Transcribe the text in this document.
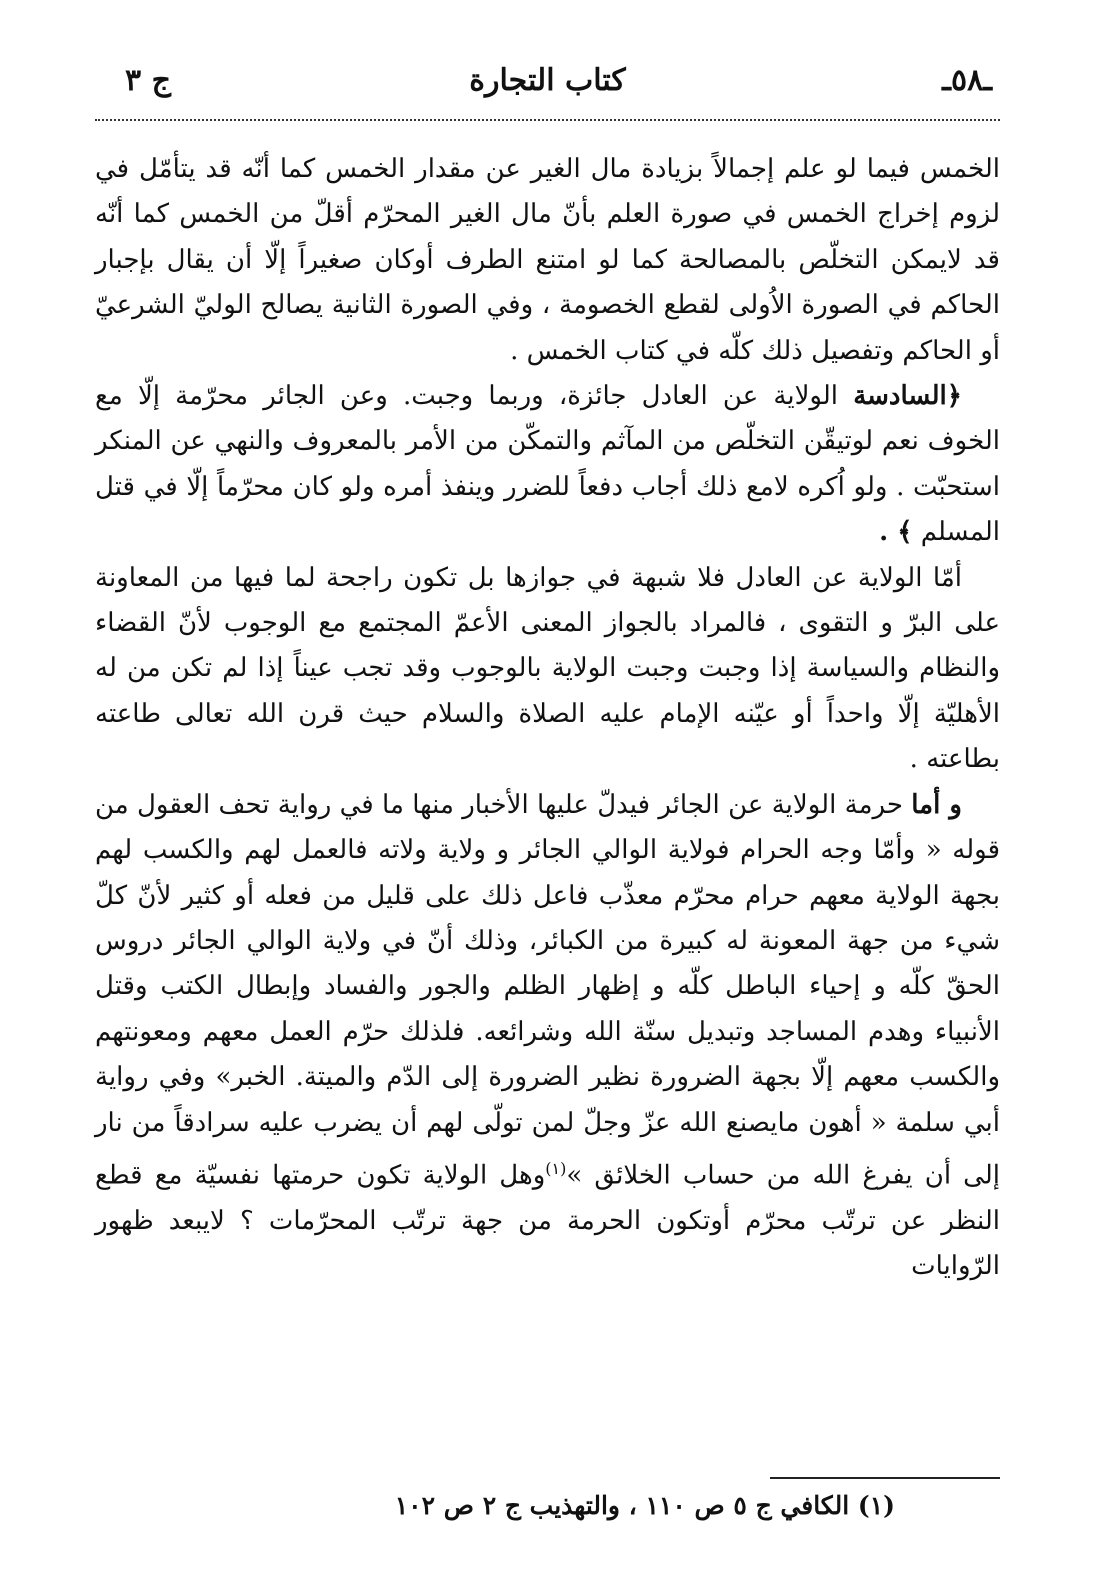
ـ٥٨ـ
كتاب التجارة
ج ٣

الخمس فيما لو علم إجمالاً بزيادة مال الغير عن مقدار الخمس كما أنّه قد يتأمّل في لزوم إخراج الخمس في صورة العلم بأنّ مال الغير المحرّم أقلّ من الخمس كما أنّه قد لايمكن التخلّص بالمصالحة كما لو امتنع الطرف أوكان صغيراً إلّا أن يقال بإجبار الحاكم في الصورة الاُولى لقطع الخصومة ، وفي الصورة الثانية يصالح الوليّ الشرعيّ أو الحاكم وتفصيل ذلك كلّه في كتاب الخمس .

﴿السادسة الولاية عن العادل جائزة، وربما وجبت. وعن الجائر محرّمة إلّا مع الخوف نعم لوتيقّن التخلّص من المآثم والتمكّن من الأمر بالمعروف والنهي عن المنكر استحبّت . ولو اُكره لامع ذلك أجاب دفعاً للضرر وينفذ أمره ولو كان محرّماً إلّا في قتل المسلم ﴾ .

أمّا الولاية عن العادل فلا شبهة في جوازها بل تكون راجحة لما فيها من المعاونة على البرّ و التقوى ، فالمراد بالجواز المعنى الأعمّ المجتمع مع الوجوب لأنّ القضاء والنظام والسياسة إذا وجبت وجبت الولاية بالوجوب وقد تجب عيناً إذا لم تكن من له الأهليّة إلّا واحداً أو عيّنه الإمام عليه الصلاة والسلام حيث قرن الله تعالى طاعته بطاعته .

و أما حرمة الولاية عن الجائر فيدلّ عليها الأخبار منها ما في رواية تحف العقول من قوله « وأمّا وجه الحرام فولاية الوالي الجائر و ولاية ولاته فالعمل لهم والكسب لهم بجهة الولاية معهم حرام محرّم معذّب فاعل ذلك على قليل من فعله أو كثير لأنّ كلّ شيء من جهة المعونة له كبيرة من الكبائر، وذلك أنّ في ولاية الوالي الجائر دروس الحقّ كلّه و إحياء الباطل كلّه و إظهار الظلم والجور والفساد وإبطال الكتب وقتل الأنبياء وهدم المساجد وتبديل سنّة الله وشرائعه. فلذلك حرّم العمل معهم ومعونتهم والكسب معهم إلّا بجهة الضرورة نظير الضرورة إلى الدّم والميتة. الخبر» وفي رواية أبي سلمة « أهون مايصنع الله عزّ وجلّ لمن تولّى لهم أن يضرب عليه سرادقاً من نار إلى أن يفرغ الله من حساب الخلائق »$^{(١)}$وهل الولاية تكون حرمتها نفسيّة مع قطع النظر عن ترتّب محرّم أوتكون الحرمة من جهة ترتّب المحرّمات ؟ لايبعد ظهور الرّوايات

(١) الكافي ج ٥ ص ١١٠ ، والتهذيب ج ٢ ص ١٠٢
